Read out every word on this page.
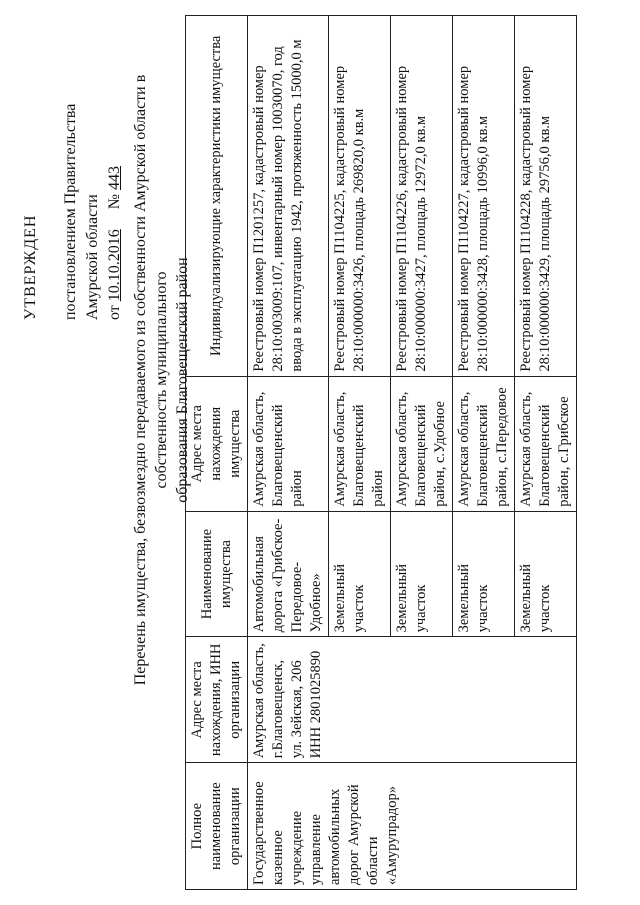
УТВЕРЖДЕН постановлением Правительства Амурской области от 10.10.2016     № 443 Перечень имущества, безвозмездно передаваемого из собственности Амурской области в собственность муниципального образования Благовещенский район
Полное наименование организации	Адрес места нахождения, ИНН организации	Наименование имущества	Адрес места нахождения имущества	Индивидуализирующие характеристики имущества
Государственное казенное учреждение управление автомобильных дорог Амурской области «Амурупрадор»	Амурская область, г.Благовещенск, ул. Зейская, 206 ИНН 2801025890	Автомобильная дорога «Грибское-Передовое-Удобное»	Амурская область, Благовещенский район	Реестровый номер П1201257, кадастровый номер 28:10:003009:107, инвентарный номер 10030070, год ввода в эксплуатацию 1942, протяженность 15000,0 м
		Земельный участок	Амурская область, Благовещенский район	Реестровый номер П1104225, кадастровый номер 28:10:000000:3426, площадь 269820,0 кв.м
		Земельный участок	Амурская область, Благовещенский район, с.Удобное	Реестровый номер П1104226, кадастровый номер 28:10:000000:3427, площадь 12972,0 кв.м
		Земельный участок	Амурская область, Благовещенский район, с.Передовое	Реестровый номер П1104227, кадастровый номер 28:10:000000:3428, площадь 10996,0 кв.м
		Земельный участок	Амурская область, Благовещенский район, с.Грибское	Реестровый номер П1104228, кадастровый номер 28:10:000000:3429, площадь 29756,0 кв.м
